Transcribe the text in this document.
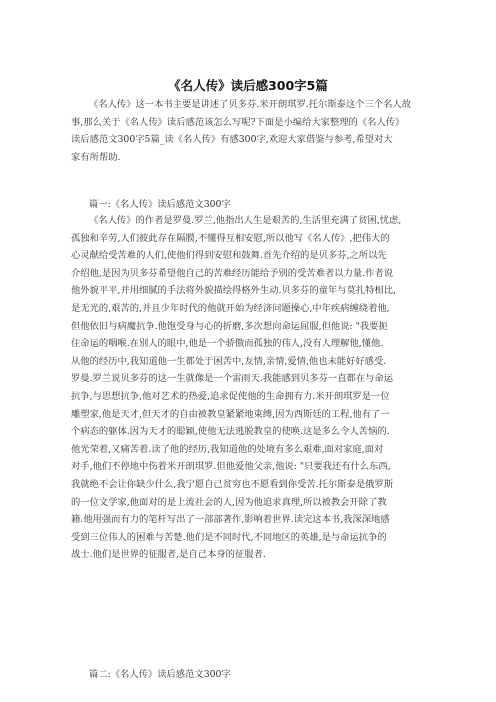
《名人传》读后感300字5篇
《名人传》这一本书主要是讲述了贝多芬.米开朗琪罗.托尔斯泰这个三个名人故
事,那么关于《名人传》读后感范该怎么写呢?下面是小编给大家整理的《名人传》
读后感范文300字5篇_读《名人传》有感300字,欢迎大家借鉴与参考,希望对大
家有所帮助.
篇一:《名人传》读后感范文300字
《名人传》的作者是罗曼.罗兰,他指出人生是艰苦的,生活里充满了贫困,忧虑,
孤独和辛劳,人们彼此存在隔膜,不懂得互相安慰,所以他写《名人传》,把伟大的
心灵献给受苦难的人们,使他们得到安慰和鼓舞.首先介绍的是贝多芬,之所以先
介绍他,是因为贝多芬希望他自己的苦难经历能给予别的受苦难者以力量.作者说
他外貌平平,并用细腻的手法将外貌描绘得格外生动.贝多芬的童年与莫扎特相比,
是无光的,艰苦的,并且少年时代的他就开始为经济问题操心,中年疾病缠绕着他,
但他依旧与病魔抗争.他饱受身与心的折磨,多次想向命运屈服,但他说: "我要扼
住命运的咽喉.在别人的眼中,他是一个骄傲而孤独的伟人,没有人理解他,懂他.
从他的经历中,我知道他一生都处于困苦中,友情,亲情,爱情,他也未能好好感受.
罗曼.罗兰说贝多芬的这一生就像是一个雷雨天.我能感到贝多芬一直都在与命运
抗争,与思想抗争,他对艺术的热爱,追求促使他的生命拥有力.米开朗琪罗是一位
雕塑家,他是天才,但天才的自由被教皇紧紧地束缚,因为西斯廷的工程,他有了一
个病态的躯体.因为天才的聪颖,使他无法逃脱教皇的使唤.这是多么令人苦恼的.
他光荣着,又痛苦着.读了他的经历,我知道他的处境有多么艰难,面对家庭,面对
对手,他们不停地中伤着米开朗琪罗.但他爱他父亲,他说: "只要我还有什么东西,
我就绝不会让你缺少什么,我宁愿自己贫穷也不愿看到你受苦.托尔斯泰是俄罗斯
的一位文学家,他面对的是上流社会的人,因为他追求真理,所以被教会开除了教
籍.他用强而有力的笔杆写出了一部部著作,影响着世界.读完这本书,我深深地感
受到三位伟人的困难与苦楚.他们是不同时代,不同地区的英雄,是与命运抗争的
战士.他们是世界的征服者,是自己本身的征服者.
篇二:《名人传》读后感范文300字
